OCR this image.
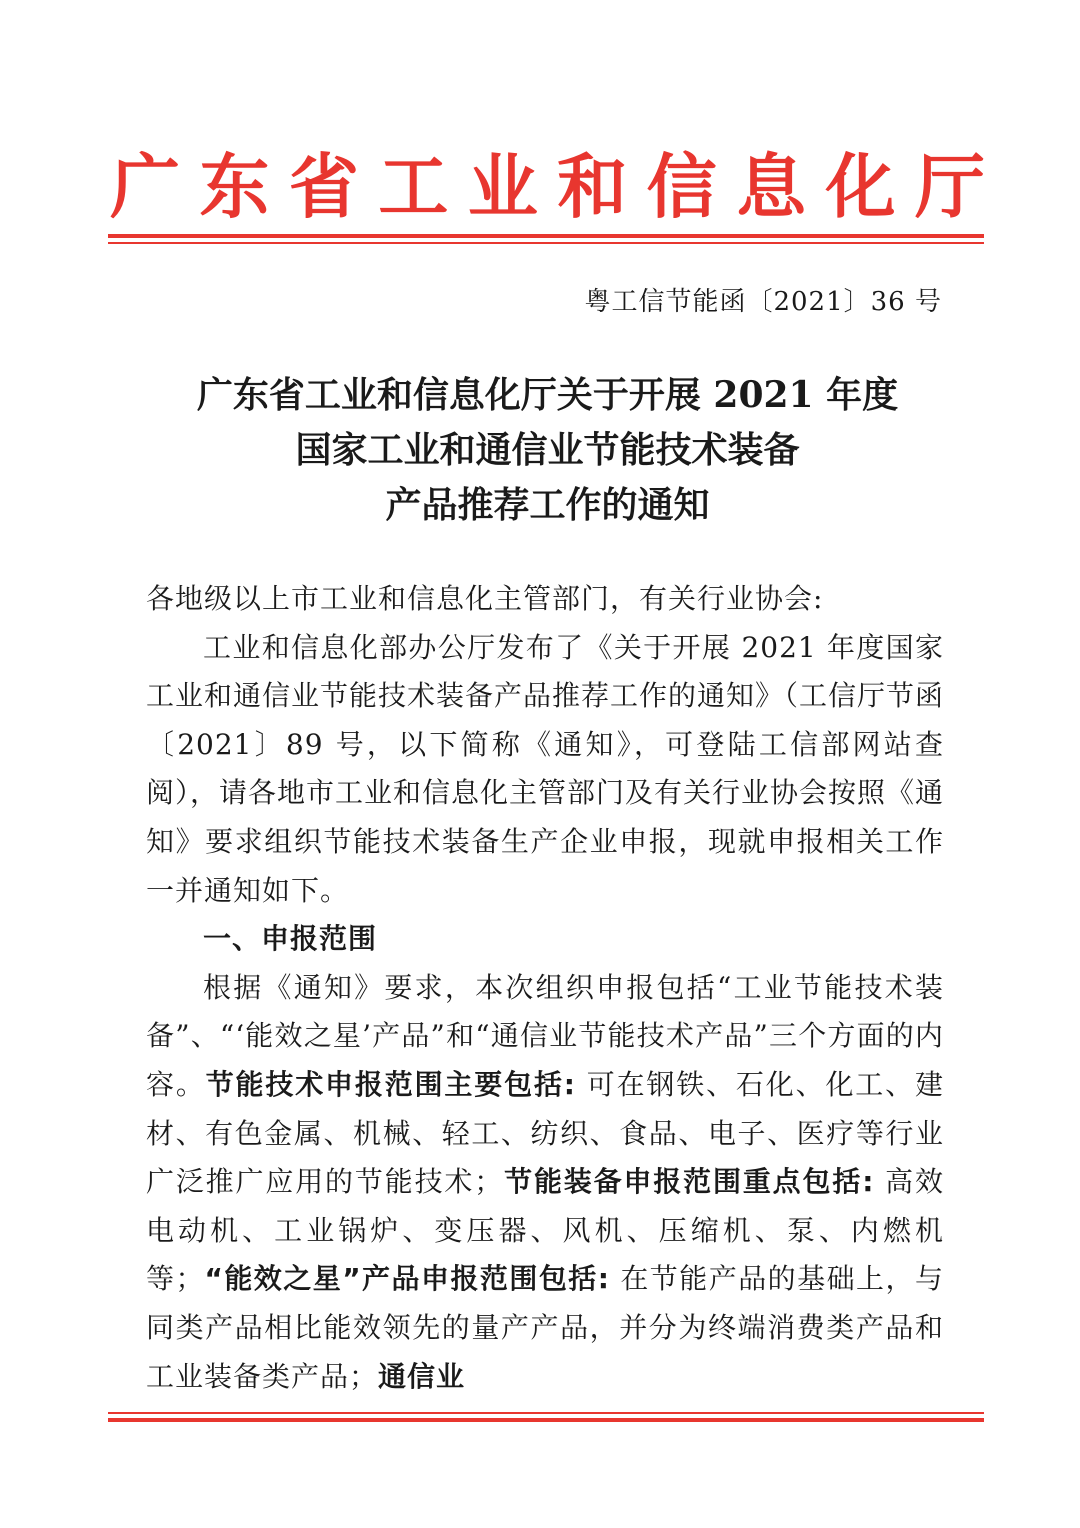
广 东 省 工 业 和 信 息 化 厅
粤工信节能函〔2021〕36 号
广东省工业和信息化厅关于开展 2021 年度
国家工业和通信业节能技术装备
产品推荐工作的通知

各地级以上市工业和信息化主管部门，有关行业协会:

工业和信息化部办公厅发布了《关于开展 2021 年度国家工业和通信业节能技术装备产品推荐工作的通知》（工信厅节函〔2021〕89 号，以下简称《通知》，可登陆工信部网站查阅），请各地市工业和信息化主管部门及有关行业协会按照《通知》要求组织节能技术装备生产企业申报，现就申报相关工作一并通知如下。

一、申报范围

根据《通知》要求，本次组织申报包括“工业节能技术装备”、“‘能效之星’产品”和“通信业节能技术产品”三个方面的内容。节能技术申报范围主要包括: 可在钢铁、石化、化工、建材、有色金属、机械、轻工、纺织、食品、电子、医疗等行业广泛推广应用的节能技术；节能装备申报范围重点包括: 高效电动机、工业锅炉、变压器、风机、压缩机、泵、内燃机等；“能效之星”产品申报范围包括: 在节能产品的基础上，与同类产品相比能效领先的量产产品，并分为终端消费类产品和工业装备类产品；通信业
